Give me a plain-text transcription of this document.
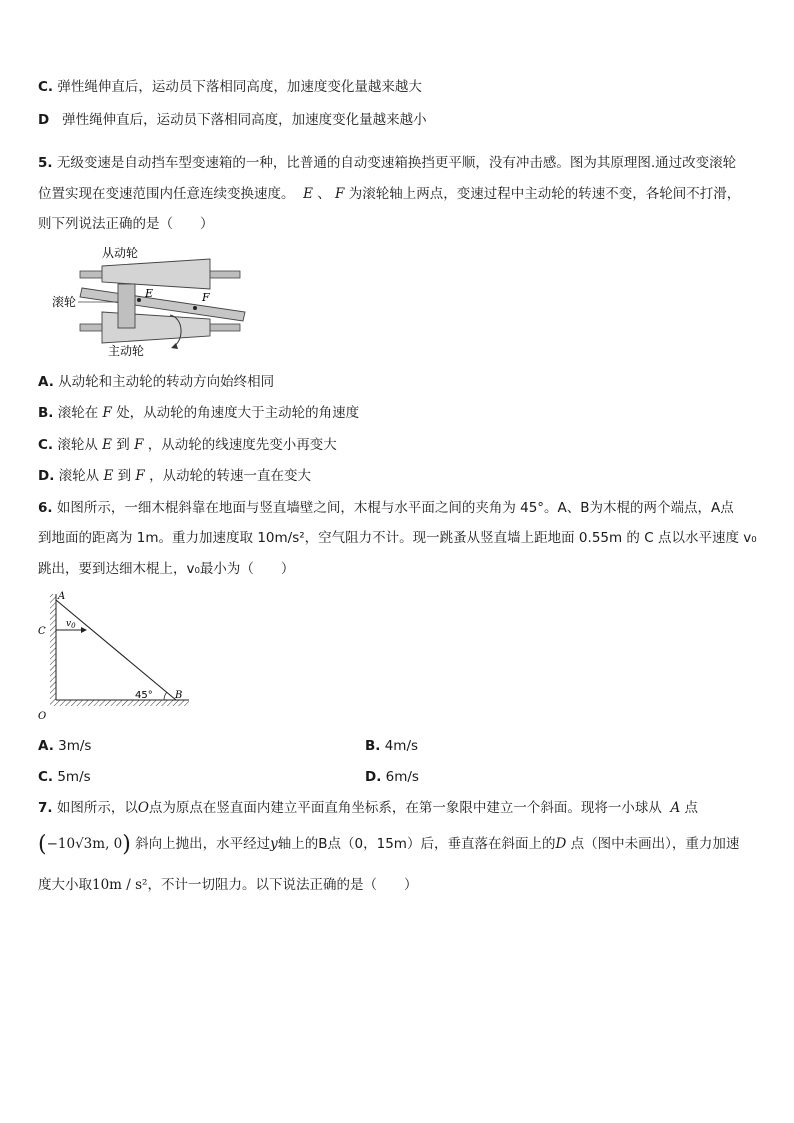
C. 弹性绳伸直后，运动员下落相同高度，加速度变化量越来越大
D 弹性绳伸直后，运动员下落相同高度，加速度变化量越来越小
5. 无级变速是自动挡车型变速箱的一种，比普通的自动变速箱换挡更平顺，没有冲击感。图为其原理图.通过改变滚轮
位置实现在变速范围内任意连续变换速度。 E 、 F 为滚轮轴上两点，变速过程中主动轮的转速不变，各轮间不打滑，
则下列说法正确的是（　　）
E	F
从动轮
滚轮
主动轮
A. 从动轮和主动轮的转动方向始终相同
B. 滚轮在 F 处，从动轮的角速度大于主动轮的角速度
C. 滚轮从 E 到 F ，从动轮的线速度先变小再变大
D. 滚轮从 E 到 F ，从动轮的转速一直在变大
6. 如图所示，一细木棍斜靠在地面与竖直墙壁之间，木棍与水平面之间的夹角为 45°。A、B为木棍的两个端点，A点
到地面的距离为 1m。重力加速度取 10m/s²，空气阻力不计。现一跳蚤从竖直墙上距地面 0.55m 的 C 点以水平速度 v₀
跳出，要到达细木棍上，v₀最小为（　　）
$v_0$
A
C
O
B
45°
A. 3m/s	B. 4m/s
C. 5m/s	D. 6m/s
7. 如图所示，以O点为原点在竖直面内建立平面直角坐标系，在第一象限中建立一个斜面。现将一小球从 A 点
(−10√3m, 0) 斜向上抛出，水平经过y轴上的B点（0，15m）后，垂直落在斜面上的D 点（图中未画出），重力加速
度大小取10m / s²，不计一切阻力。以下说法正确的是（　　）
